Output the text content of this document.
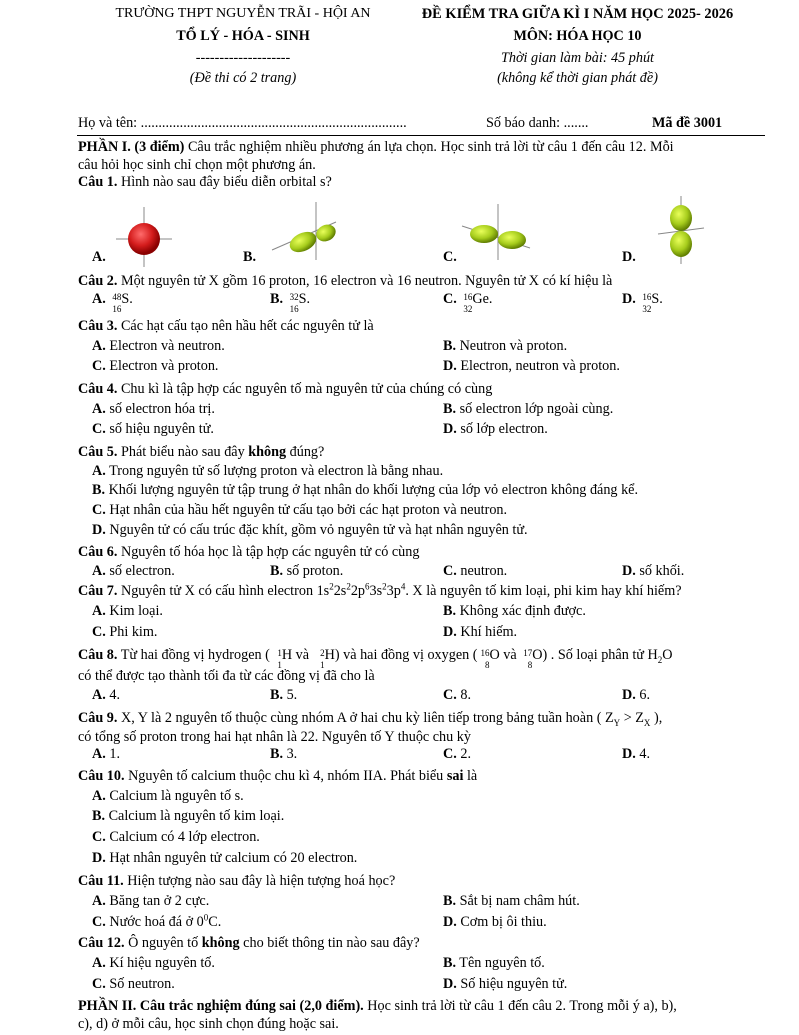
TRƯỜNG THPT NGUYỄN TRÃI - HỘI AN
TỔ LÝ - HÓA - SINH
--------------------
(Đề thi có 2 trang)
ĐỀ KIỂM TRA GIỮA KÌ I NĂM HỌC 2025- 2026
MÔN: HÓA HỌC 10
Thời gian làm bài: 45 phút
(không kể thời gian phát đề)
Họ và tên: ...........................................................................	Số báo danh: .......	Mã đề 3001
PHẦN I. (3 điểm) Câu trắc nghiệm nhiều phương án lựa chọn. Học sinh trả lời từ câu 1 đến câu 12. Mỗi
câu hỏi học sinh chỉ chọn một phương án.
Câu 1. Hình nào sau đây biểu diễn orbital s?
A.	B.	C.	D.
Câu 2. Một nguyên tử X gồm 16 proton, 16 electron và 16 neutron. Nguyên tử X có kí hiệu là
A. 48
16
S.	B. 32
16
S.	C. 16
32
Ge.	D. 16
32
S.
Câu 3. Các hạt cấu tạo nên hầu hết các nguyên tử là
A. Electron và neutron.	B. Neutron và proton.
C. Electron và proton.	D. Electron, neutron và proton.
Câu 4. Chu kì là tập hợp các nguyên tố mà nguyên tử của chúng có cùng
A. số electron hóa trị.	B. số electron lớp ngoài cùng.
C. số hiệu nguyên tử.	D. số lớp electron.
Câu 5. Phát biểu nào sau đây không đúng?
A. Trong nguyên tử số lượng proton và electron là bằng nhau.
B. Khối lượng nguyên tử tập trung ở hạt nhân do khối lượng của lớp vỏ electron không đáng kể.
C. Hạt nhân của hầu hết nguyên tử cấu tạo bởi các hạt proton và neutron.
D. Nguyên tử có cấu trúc đặc khít, gồm vỏ nguyên tử và hạt nhân nguyên tử.
Câu 6. Nguyên tố hóa học là tập hợp các nguyên tử có cùng
A. số electron.	B. số proton.	C. neutron.	D. số khối.
Câu 7. Nguyên tử X có cấu hình electron $1s^22s^22p^63s^23p^4$. X là nguyên tố kim loại, phi kim hay khí hiếm?
A. Kim loại.	B. Không xác định được.
C. Phi kim.	D. Khí hiếm.
Câu 8. Từ hai đồng vị hydrogen ( 1
1
H và 2
1
H) và hai đồng vị oxygen ( 16
8
O và 17
8
O) . Số loại phân tử $H_2O$
có thể được tạo thành tối đa từ các đồng vị đã cho là
A. 4.	B. 5.	C. 8.	D. 6.
Câu 9. X, Y là 2 nguyên tố thuộc cùng nhóm A ở hai chu kỳ liên tiếp trong bảng tuần hoàn ( $Z_Y > Z_X$ ),
có tổng số proton trong hai hạt nhân là 22. Nguyên tố Y thuộc chu kỳ
A. 1.	B. 3.	C. 2.	D. 4.
Câu 10. Nguyên tố calcium thuộc chu kì 4, nhóm IIA. Phát biểu sai là
A. Calcium là nguyên tố s.
B. Calcium là nguyên tố kim loại.
C. Calcium có 4 lớp electron.
D. Hạt nhân nguyên tử calcium có 20 electron.
Câu 11. Hiện tượng nào sau đây là hiện tượng hoá học?
A. Băng tan ở 2 cực.	B. Sắt bị nam châm hút.
C. Nước hoá đá ở $0^0C$.	D. Cơm bị ôi thiu.
Câu 12. Ô nguyên tố không cho biết thông tin nào sau đây?
A. Kí hiệu nguyên tố.	B. Tên nguyên tố.
C. Số neutron.	D. Số hiệu nguyên tử.
PHẦN II. Câu trắc nghiệm đúng sai (2,0 điểm). Học sinh trả lời từ câu 1 đến câu 2. Trong mỗi ý a), b),
c), d) ở mỗi câu, học sinh chọn đúng hoặc sai.
